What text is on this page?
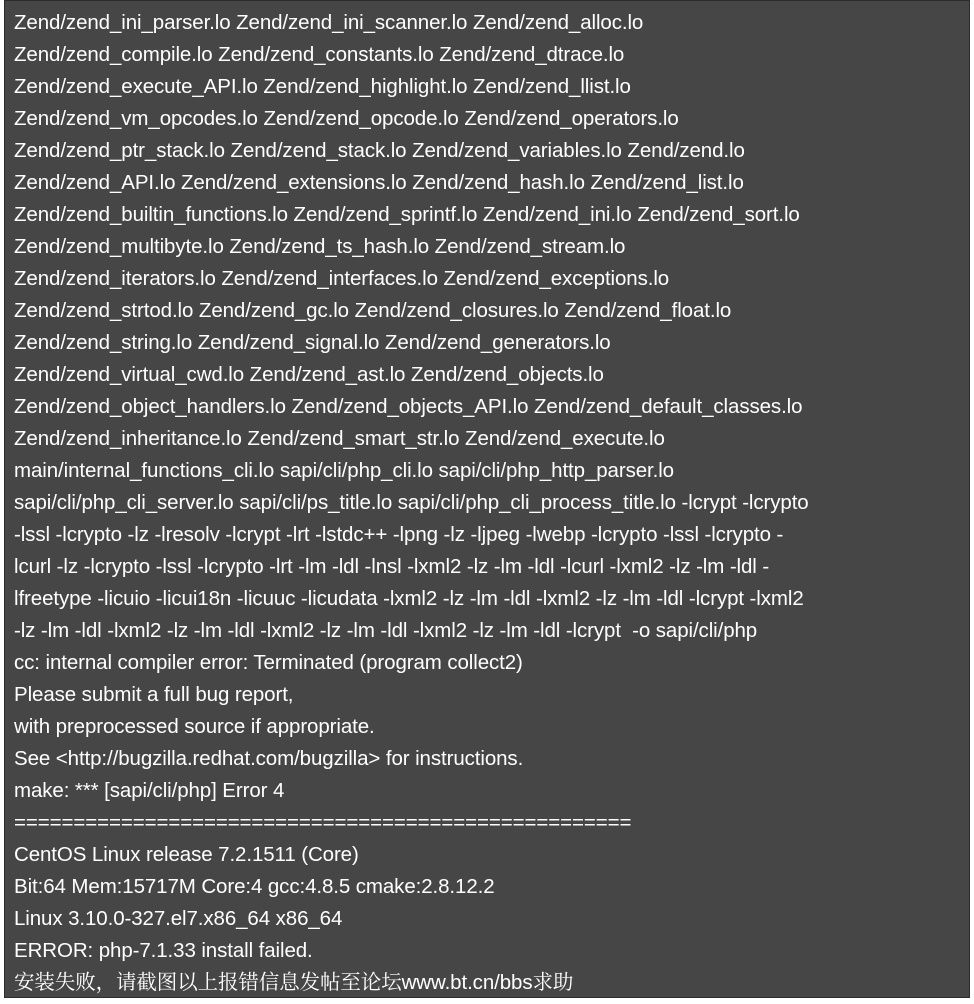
Zend/zend_ini_parser.lo Zend/zend_ini_scanner.lo Zend/zend_alloc.lo
Zend/zend_compile.lo Zend/zend_constants.lo Zend/zend_dtrace.lo
Zend/zend_execute_API.lo Zend/zend_highlight.lo Zend/zend_llist.lo
Zend/zend_vm_opcodes.lo Zend/zend_opcode.lo Zend/zend_operators.lo
Zend/zend_ptr_stack.lo Zend/zend_stack.lo Zend/zend_variables.lo Zend/zend.lo
Zend/zend_API.lo Zend/zend_extensions.lo Zend/zend_hash.lo Zend/zend_list.lo
Zend/zend_builtin_functions.lo Zend/zend_sprintf.lo Zend/zend_ini.lo Zend/zend_sort.lo
Zend/zend_multibyte.lo Zend/zend_ts_hash.lo Zend/zend_stream.lo
Zend/zend_iterators.lo Zend/zend_interfaces.lo Zend/zend_exceptions.lo
Zend/zend_strtod.lo Zend/zend_gc.lo Zend/zend_closures.lo Zend/zend_float.lo
Zend/zend_string.lo Zend/zend_signal.lo Zend/zend_generators.lo
Zend/zend_virtual_cwd.lo Zend/zend_ast.lo Zend/zend_objects.lo
Zend/zend_object_handlers.lo Zend/zend_objects_API.lo Zend/zend_default_classes.lo
Zend/zend_inheritance.lo Zend/zend_smart_str.lo Zend/zend_execute.lo
main/internal_functions_cli.lo sapi/cli/php_cli.lo sapi/cli/php_http_parser.lo
sapi/cli/php_cli_server.lo sapi/cli/ps_title.lo sapi/cli/php_cli_process_title.lo -lcrypt -lcrypto
-lssl -lcrypto -lz -lresolv -lcrypt -lrt -lstdc++ -lpng -lz -ljpeg -lwebp -lcrypto -lssl -lcrypto -
lcurl -lz -lcrypto -lssl -lcrypto -lrt -lm -ldl -lnsl -lxml2 -lz -lm -ldl -lcurl -lxml2 -lz -lm -ldl -
lfreetype -licuio -licui18n -licuuc -licudata -lxml2 -lz -lm -ldl -lxml2 -lz -lm -ldl -lcrypt -lxml2
-lz -lm -ldl -lxml2 -lz -lm -ldl -lxml2 -lz -lm -ldl -lxml2 -lz -lm -ldl -lcrypt  -o sapi/cli/php
cc: internal compiler error: Terminated (program collect2)
Please submit a full bug report,
with preprocessed source if appropriate.
See <http://bugzilla.redhat.com/bugzilla> for instructions.
make: *** [sapi/cli/php] Error 4
====================================================
CentOS Linux release 7.2.1511 (Core)
Bit:64 Mem:15717M Core:4 gcc:4.8.5 cmake:2.8.12.2
Linux 3.10.0-327.el7.x86_64 x86_64
ERROR: php-7.1.33 install failed.
安装失败，请截图以上报错信息发帖至论坛www.bt.cn/bbs求助
